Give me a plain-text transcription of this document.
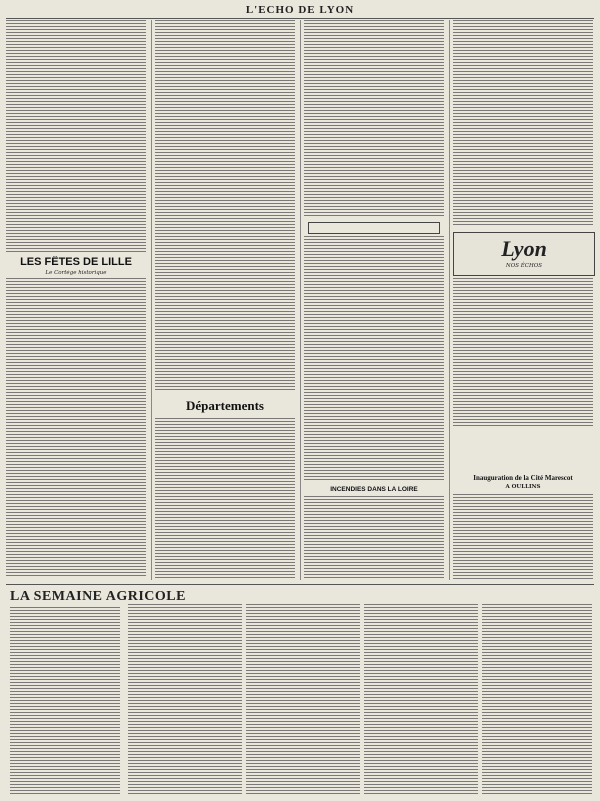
L'ECHO DE LYON
LES FÊTES DE LILLE
Le Cortège historique
Départements
INCENDIES DANS LA LOIRE
Lyon
NOS ÉCHOS
Inauguration de la Cité Marescot
A OULLINS
LA SEMAINE AGRICOLE
